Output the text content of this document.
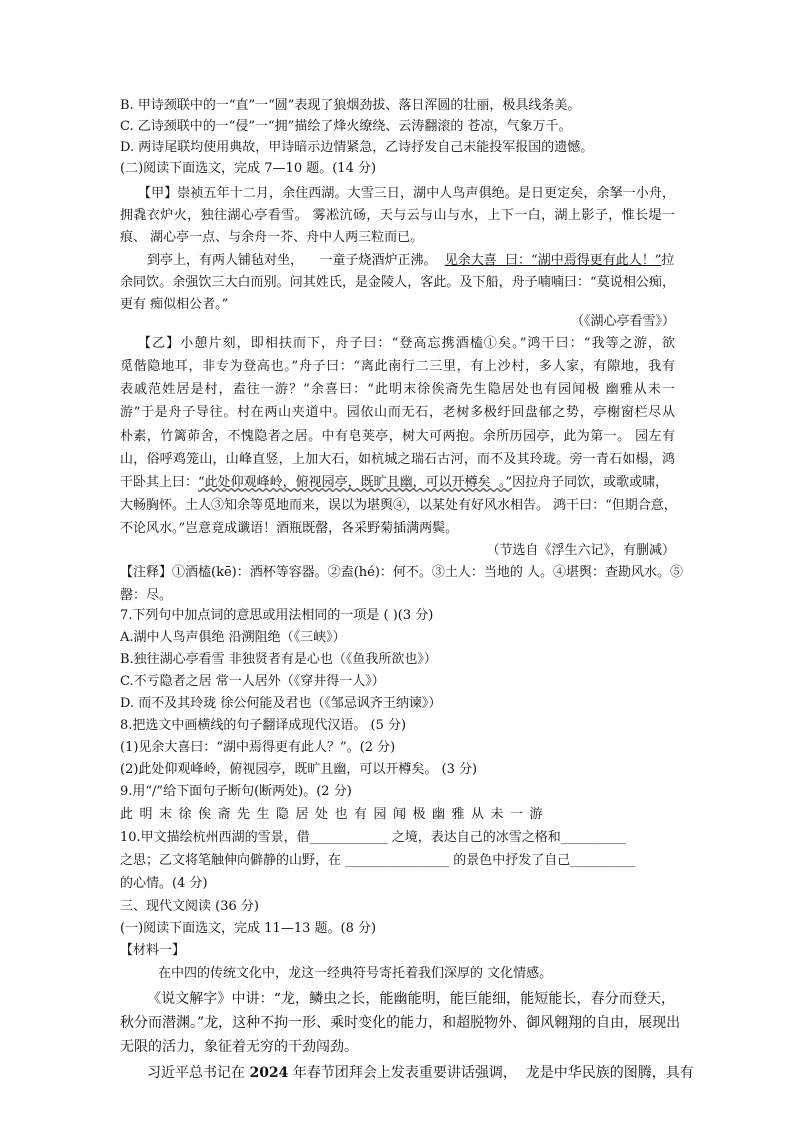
B. 甲诗颈联中的一“直”一“圆”表现了狼烟劲拔、落日浑圆的壮丽，极具线条美。
C. 乙诗颈联中的一“侵”一“拥”描绘了烽火缭绕、云涛翻滚的 苍凉，气象万千。
D. 两诗尾联均使用典故，甲诗暗示边情紧急，乙诗抒发自己未能投军报国的遗憾。
(二)阅读下面选文，完成 7—10 题。(14 分)
【甲】崇祯五年十二月，余住西湖。大雪三日，湖中人鸟声俱绝。是日更定矣，余拏一小舟，
拥毳衣炉火，独往湖心亭看雪。 雾凇沆砀，天与云与山与水，上下一白，湖上影子，惟长堤一
痕、 湖心亭一点、与余舟一芥、舟中人两三粒而已。
到亭上，有两人铺毡对坐，    一童子烧酒炉正沸。  见余大喜  曰：“湖中焉得更有此人！”拉
余同饮。余强饮三大白而别。问其姓氏，是金陵人，客此。及下船，舟子喃喃曰：“莫说相公痴，
更有 痴似相公者。”
（《湖心亭看雪》）
【乙】小憩片刻，即相扶而下，舟子曰：“登高忘携酒榼①矣。”鸿干曰：“我等之游，欲
觅偕隐地耳，非专为登高也。”舟子曰：“离此南行二三里，有上沙村，多人家，有隙地，我有
表戚范姓居是村，盍往一游？”余喜曰：“此明末徐俟斋先生隐居处也有园闻极 幽雅从未一
游”于是舟子导往。村在两山夹道中。园依山而无石，老树多极纡回盘郁之势，亭榭窗栏尽从
朴素，竹篱茆舍，不愧隐者之居。中有皂荚亭，树大可两抱。余所历园亭，此为第一。 园左有
山，俗呼鸡笼山，山峰直竖，上加大石，如杭城之瑞石古河，而不及其玲珑。旁一青石如榻，鸿
干卧其上曰：“此处仰观峰岭，俯视园亭，既旷且幽，可以开樽矣  。”因拉舟子同饮，或歌或啸，
大畅胸怀。土人③知余等觅地而来，误以为堪舆④，以某处有好风水相告。 鸿干曰：“但期合意，
不论风水。”岂意竟成谶语！酒瓶既罄，各采野菊插满两鬓。
（节选自《浮生六记》，有删减）
【注释】①酒榼(kē)：酒杯等容器。②盍(hé)：何不。③土人：当地的 人。④堪舆：查勘风水。⑤
罄：尽。
7.下列句中加点词的意思或用法相同的一项是 ( )(3 分)
A.湖中人鸟声俱绝 沿溯阻绝（《三峡》）
B.独往湖心亭看雪 非独贤者有是心也（《鱼我所欲也》）
C.不亏隐者之居 常一人居外（《穿井得一人》）
D. 而不及其玲珑 徐公何能及君也（《邹忌讽齐王纳谏》）
8.把选文中画横线的句子翻译成现代汉语。 (5 分)
(1)见余大喜曰：“湖中焉得更有此人？”。(2 分)
(2)此处仰观峰岭，俯视园亭，既旷且幽，可以开樽矣。 (3 分)
9.用“/”给下面句子断句(断两处)。(2 分)
此明末徐俟斋先生隐居处也有园闻极幽雅从未一游
10.甲文描绘杭州西湖的雪景，借____________ 之境，表达自己的冰雪之格和__________
之思；乙文将笔触伸向僻静的山野，在 ________________ 的景色中抒发了自己__________
的心情。(4 分)
三、现代文阅读 (36 分)
(一)阅读下面选文，完成 11—13 题。(8 分)
【材料一】
在中四的传统文化中，龙这一经典符号寄托着我们深厚的 文化情感。
《说文解字》中讲：“龙，鳞虫之长，能幽能明，能巨能细，能短能长，春分而登天，
秋分而潜渊。”龙，这种不拘一形、乘时变化的能力，和超脱物外、御风翱翔的自由，展现出
无限的活力，象征着无穷的干劲闯劲。
习近平总书记在 2024 年春节团拜会上发表重要讲话强调，  龙是中华民族的图腾，具有
